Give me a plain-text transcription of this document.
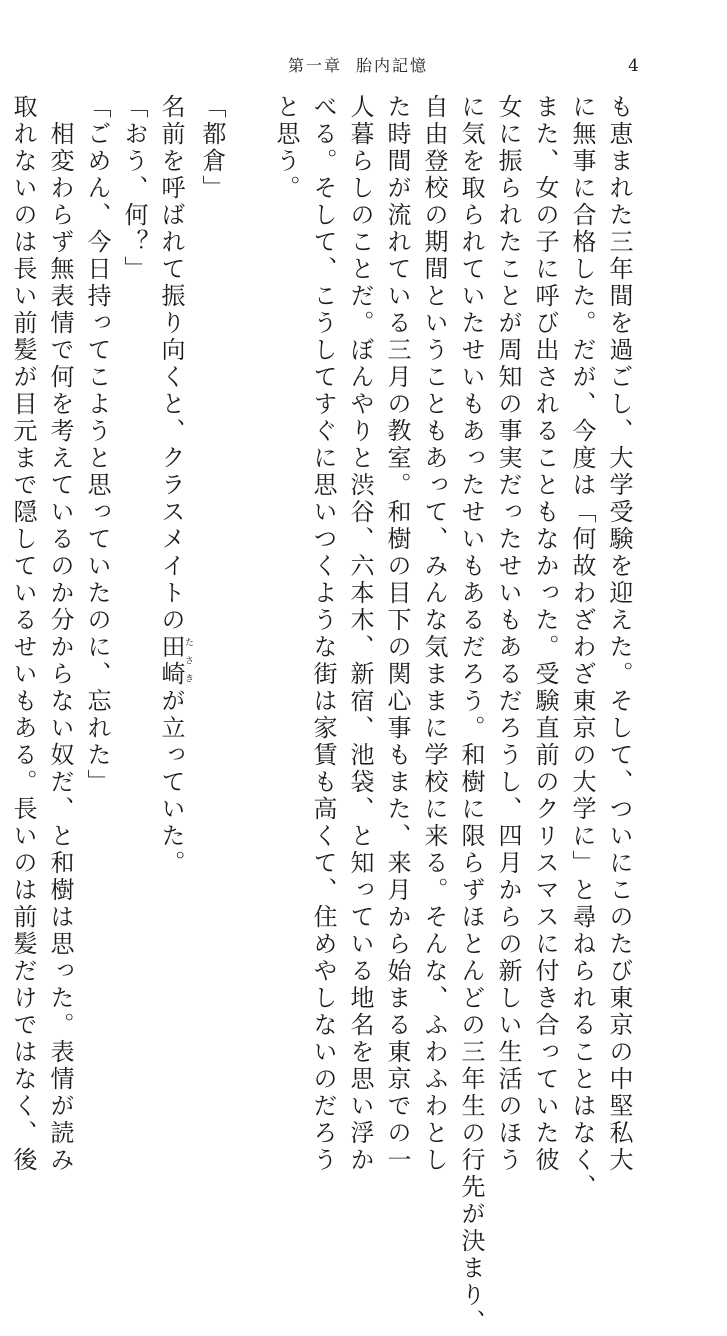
第一章 胎内記憶	4
も恵まれた三年間を過ごし、大学受験を迎えた。そして、ついにこのたび東京の中堅私大
に無事に合格した。だが、今度は「何故わざわざ東京の大学に」と尋ねられることはなく、
また、女の子に呼び出されることもなかった。受験直前のクリスマスに付き合っていた彼
女に振られたことが周知の事実だったせいもあるだろうし、四月からの新しい生活のほう
に気を取られていたせいもあったせいもあるだろう。和樹に限らずほとんどの三年生の行先が決まり、
自由登校の期間ということもあって、みんな気ままに学校に来る。そんな、ふわふわとし
た時間が流れている三月の教室。和樹の目下の関心事もまた、来月から始まる東京での一
人暮らしのことだ。ぼんやりと渋谷、六本木、新宿、池袋、と知っている地名を思い浮か
べる。そして、こうしてすぐに思いつくような街は家賃も高くて、住めやしないのだろう
と思う。
「都倉」
名前を呼ばれて振り向くと、クラスメイトの田崎たさきが立っていた。
「おう、何？」
「ごめん、今日持ってこようと思っていたのに、忘れた」
　相変わらず無表情で何を考えているのか分からない奴だ、と和樹は思った。表情が読み
取れないのは長い前髪が目元まで隠しているせいもある。長いのは前髪だけではなく、後
